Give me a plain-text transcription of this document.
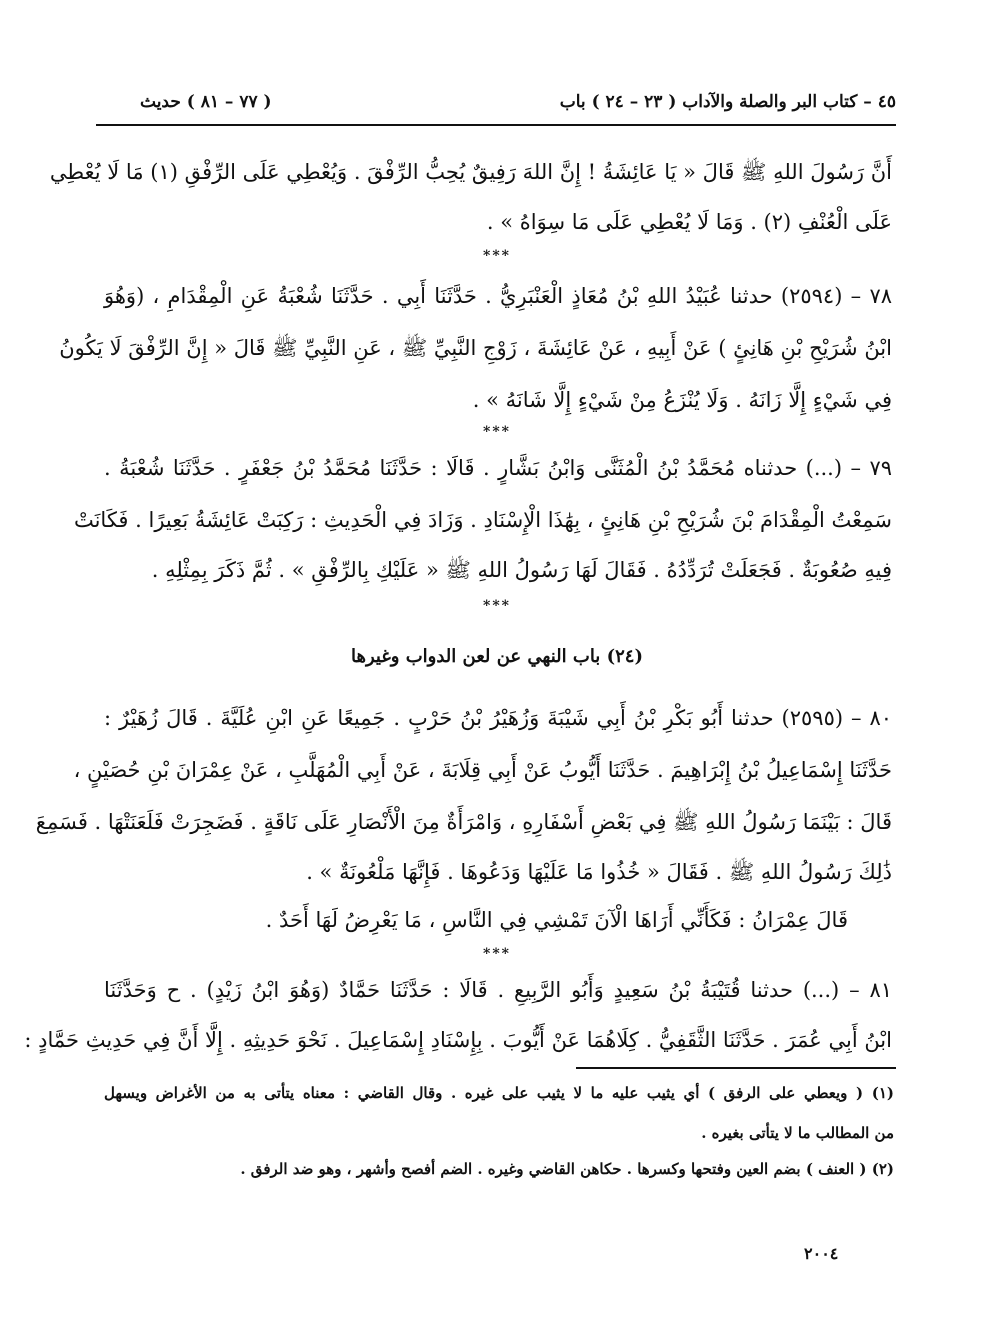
٤٥ – كتاب البر والصلة والآداب ( ٢٣ – ٢٤ ) باب
( ٧٧ – ٨١ ) حديث
أَنَّ رَسُولَ اللهِ ﷺ قَالَ « يَا عَائِشَةُ ! إِنَّ اللهَ رَفِيقٌ يُحِبُّ الرِّفْقَ . وَيُعْطِي عَلَى الرِّفْقِ (١) مَا لَا يُعْطِي
عَلَى الْعُنْفِ (٢) . وَمَا لَا يُعْطِي عَلَى مَا سِوَاهُ » .
***
٧٨ – (٢٥٩٤) حدثنا عُبَيْدُ اللهِ بْنُ مُعَاذٍ الْعَنْبَرِيُّ . حَدَّثَنَا أَبِي . حَدَّثَنَا شُعْبَةُ عَنِ الْمِقْدَامِ ، (وَهُوَ
ابْنُ شُرَيْحِ بْنِ هَانِئٍ ) عَنْ أَبِيهِ ، عَنْ عَائِشَةَ ، زَوْجِ النَّبِيِّ ﷺ ، عَنِ النَّبِيِّ ﷺ قَالَ « إِنَّ الرِّفْقَ لَا يَكُونُ
فِي شَيْءٍ إِلَّا زَانَهُ . وَلَا يُنْزَعُ مِنْ شَيْءٍ إِلَّا شَانَهُ » .
***
٧٩ – (...) حدثناه مُحَمَّدُ بْنُ الْمُثَنَّى وَابْنُ بَشَّارٍ . قَالَا : حَدَّثَنَا مُحَمَّدُ بْنُ جَعْفَرٍ . حَدَّثَنَا شُعْبَةُ .
سَمِعْتُ الْمِقْدَامَ بْنَ شُرَيْحِ بْنِ هَانِئٍ ، بِهَٰذَا الْإِسْنَادِ . وَزَادَ فِي الْحَدِيثِ : رَكِبَتْ عَائِشَةُ بَعِيرًا . فَكَانَتْ
فِيهِ صُعُوبَةٌ . فَجَعَلَتْ تُرَدِّدُهُ . فَقَالَ لَهَا رَسُولُ اللهِ ﷺ « عَلَيْكِ بِالرِّفْقِ » . ثُمَّ ذَكَرَ بِمِثْلِهِ .
***
(٢٤) باب النهي عن لعن الدواب وغيرها
٨٠ – (٢٥٩٥) حدثنا أَبُو بَكْرِ بْنُ أَبِي شَيْبَةَ وَزُهَيْرُ بْنُ حَرْبٍ . جَمِيعًا عَنِ ابْنِ عُلَيَّةَ . قَالَ زُهَيْرٌ :
حَدَّثَنَا إِسْمَاعِيلُ بْنُ إِبْرَاهِيمَ . حَدَّثَنَا أَيُّوبُ عَنْ أَبِي قِلَابَةَ ، عَنْ أَبِي الْمُهَلَّبِ ، عَنْ عِمْرَانَ بْنِ حُصَيْنٍ ،
قَالَ : بَيْنَمَا رَسُولُ اللهِ ﷺ فِي بَعْضِ أَسْفَارِهِ ، وَامْرَأَةٌ مِنَ الْأَنْصَارِ عَلَى نَاقَةٍ . فَضَجِرَتْ فَلَعَنَتْهَا . فَسَمِعَ
ذَٰلِكَ رَسُولُ اللهِ ﷺ . فَقَالَ « خُذُوا مَا عَلَيْهَا وَدَعُوهَا . فَإِنَّهَا مَلْعُونَةٌ » .
قَالَ عِمْرَانُ : فَكَأَنِّي أَرَاهَا الْآنَ تَمْشِي فِي النَّاسِ ، مَا يَعْرِضُ لَهَا أَحَدٌ .
***
٨١ – (...) حدثنا قُتَيْبَةُ بْنُ سَعِيدٍ وَأَبُو الرَّبِيعِ . قَالَا : حَدَّثَنَا حَمَّادٌ (وَهُوَ ابْنُ زَيْدٍ) . ح وَحَدَّثَنَا
ابْنُ أَبِي عُمَرَ . حَدَّثَنَا الثَّقَفِيُّ . كِلَاهُمَا عَنْ أَيُّوبَ . بِإِسْنَادِ إِسْمَاعِيلَ . نَحْوَ حَدِيثِهِ . إِلَّا أَنَّ فِي حَدِيثِ حَمَّادٍ :
(١) ( ويعطي على الرفق ) أي يثيب عليه ما لا يثيب على غيره . وقال القاضي : معناه يتأتى به من الأغراض ويسهل
من المطالب ما لا يتأتى بغيره .
(٢) ( العنف ) بضم العين وفتحها وكسرها . حكاهن القاضي وغيره . الضم أفصح وأشهر ، وهو ضد الرفق .
٢٠٠٤
